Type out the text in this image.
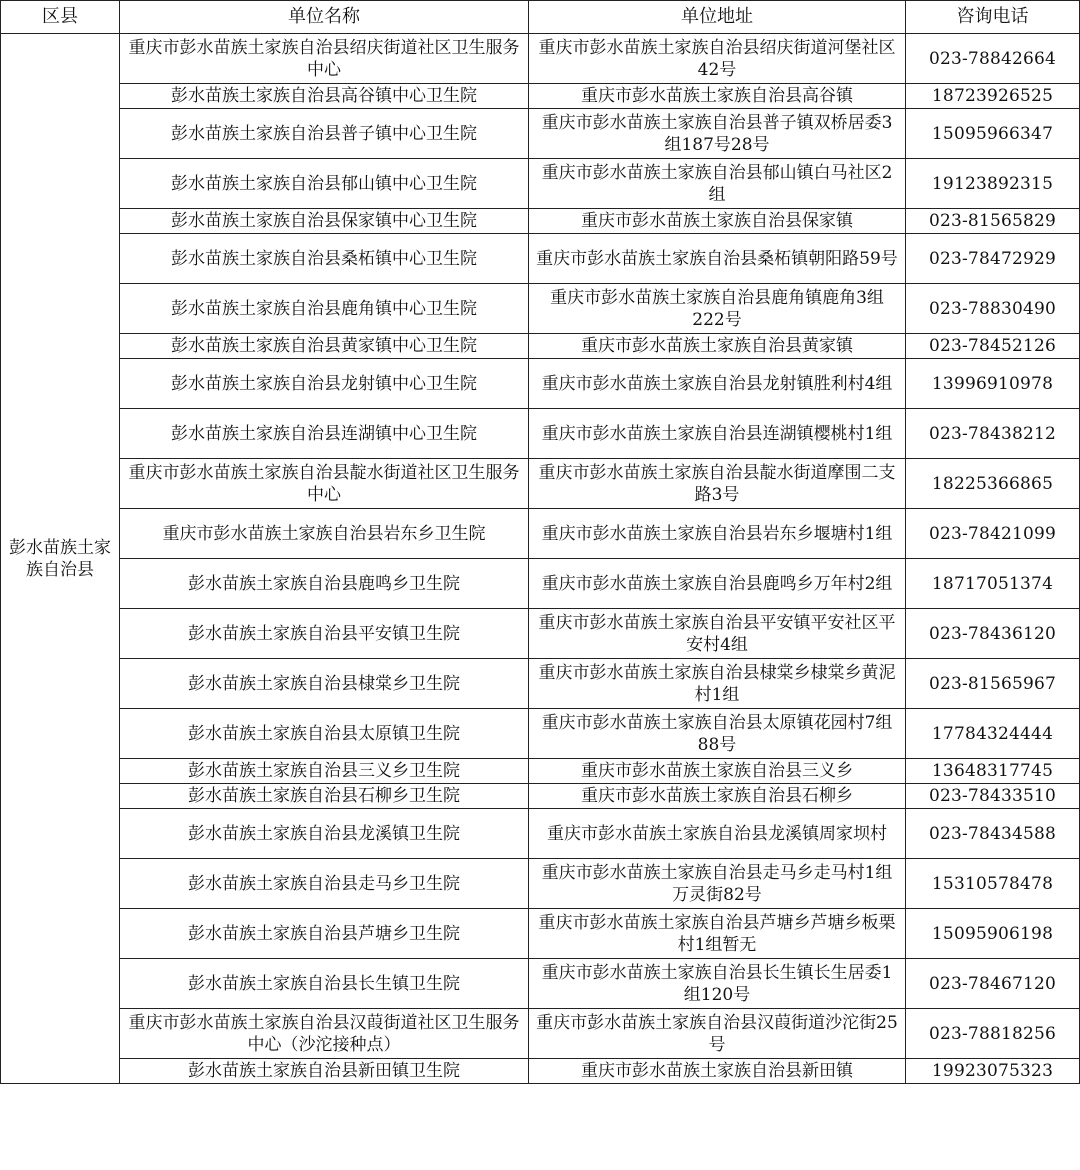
区县	单位名称	单位地址	咨询电话
彭水苗族土家族自治县	重庆市彭水苗族土家族自治县绍庆街道社区卫生服务中心	重庆市彭水苗族土家族自治县绍庆街道河堡社区42号	023-78842664
	彭水苗族土家族自治县高谷镇中心卫生院	重庆市彭水苗族土家族自治县高谷镇	18723926525
	彭水苗族土家族自治县普子镇中心卫生院	重庆市彭水苗族土家族自治县普子镇双桥居委3组187号28号	15095966347
	彭水苗族土家族自治县郁山镇中心卫生院	重庆市彭水苗族土家族自治县郁山镇白马社区2组	19123892315
	彭水苗族土家族自治县保家镇中心卫生院	重庆市彭水苗族土家族自治县保家镇	023-81565829
	彭水苗族土家族自治县桑柘镇中心卫生院	重庆市彭水苗族土家族自治县桑柘镇朝阳路59号	023-78472929
	彭水苗族土家族自治县鹿角镇中心卫生院	重庆市彭水苗族土家族自治县鹿角镇鹿角3组222号	023-78830490
	彭水苗族土家族自治县黄家镇中心卫生院	重庆市彭水苗族土家族自治县黄家镇	023-78452126
	彭水苗族土家族自治县龙射镇中心卫生院	重庆市彭水苗族土家族自治县龙射镇胜利村4组	13996910978
	彭水苗族土家族自治县连湖镇中心卫生院	重庆市彭水苗族土家族自治县连湖镇樱桃村1组	023-78438212
	重庆市彭水苗族土家族自治县靛水街道社区卫生服务中心	重庆市彭水苗族土家族自治县靛水街道摩围二支路3号	18225366865
	重庆市彭水苗族土家族自治县岩东乡卫生院	重庆市彭水苗族土家族自治县岩东乡堰塘村1组	023-78421099
	彭水苗族土家族自治县鹿鸣乡卫生院	重庆市彭水苗族土家族自治县鹿鸣乡万年村2组	18717051374
	彭水苗族土家族自治县平安镇卫生院	重庆市彭水苗族土家族自治县平安镇平安社区平安村4组	023-78436120
	彭水苗族土家族自治县棣棠乡卫生院	重庆市彭水苗族土家族自治县棣棠乡棣棠乡黄泥村1组	023-81565967
	彭水苗族土家族自治县太原镇卫生院	重庆市彭水苗族土家族自治县太原镇花园村7组88号	17784324444
	彭水苗族土家族自治县三义乡卫生院	重庆市彭水苗族土家族自治县三义乡	13648317745
	彭水苗族土家族自治县石柳乡卫生院	重庆市彭水苗族土家族自治县石柳乡	023-78433510
	彭水苗族土家族自治县龙溪镇卫生院	重庆市彭水苗族土家族自治县龙溪镇周家坝村	023-78434588
	彭水苗族土家族自治县走马乡卫生院	重庆市彭水苗族土家族自治县走马乡走马村1组万灵街82号	15310578478
	彭水苗族土家族自治县芦塘乡卫生院	重庆市彭水苗族土家族自治县芦塘乡芦塘乡板栗村1组暂无	15095906198
	彭水苗族土家族自治县长生镇卫生院	重庆市彭水苗族土家族自治县长生镇长生居委1组120号	023-78467120
	重庆市彭水苗族土家族自治县汉葭街道社区卫生服务中心（沙沱接种点）	重庆市彭水苗族土家族自治县汉葭街道沙沱街25号	023-78818256
	彭水苗族土家族自治县新田镇卫生院	重庆市彭水苗族土家族自治县新田镇	19923075323
